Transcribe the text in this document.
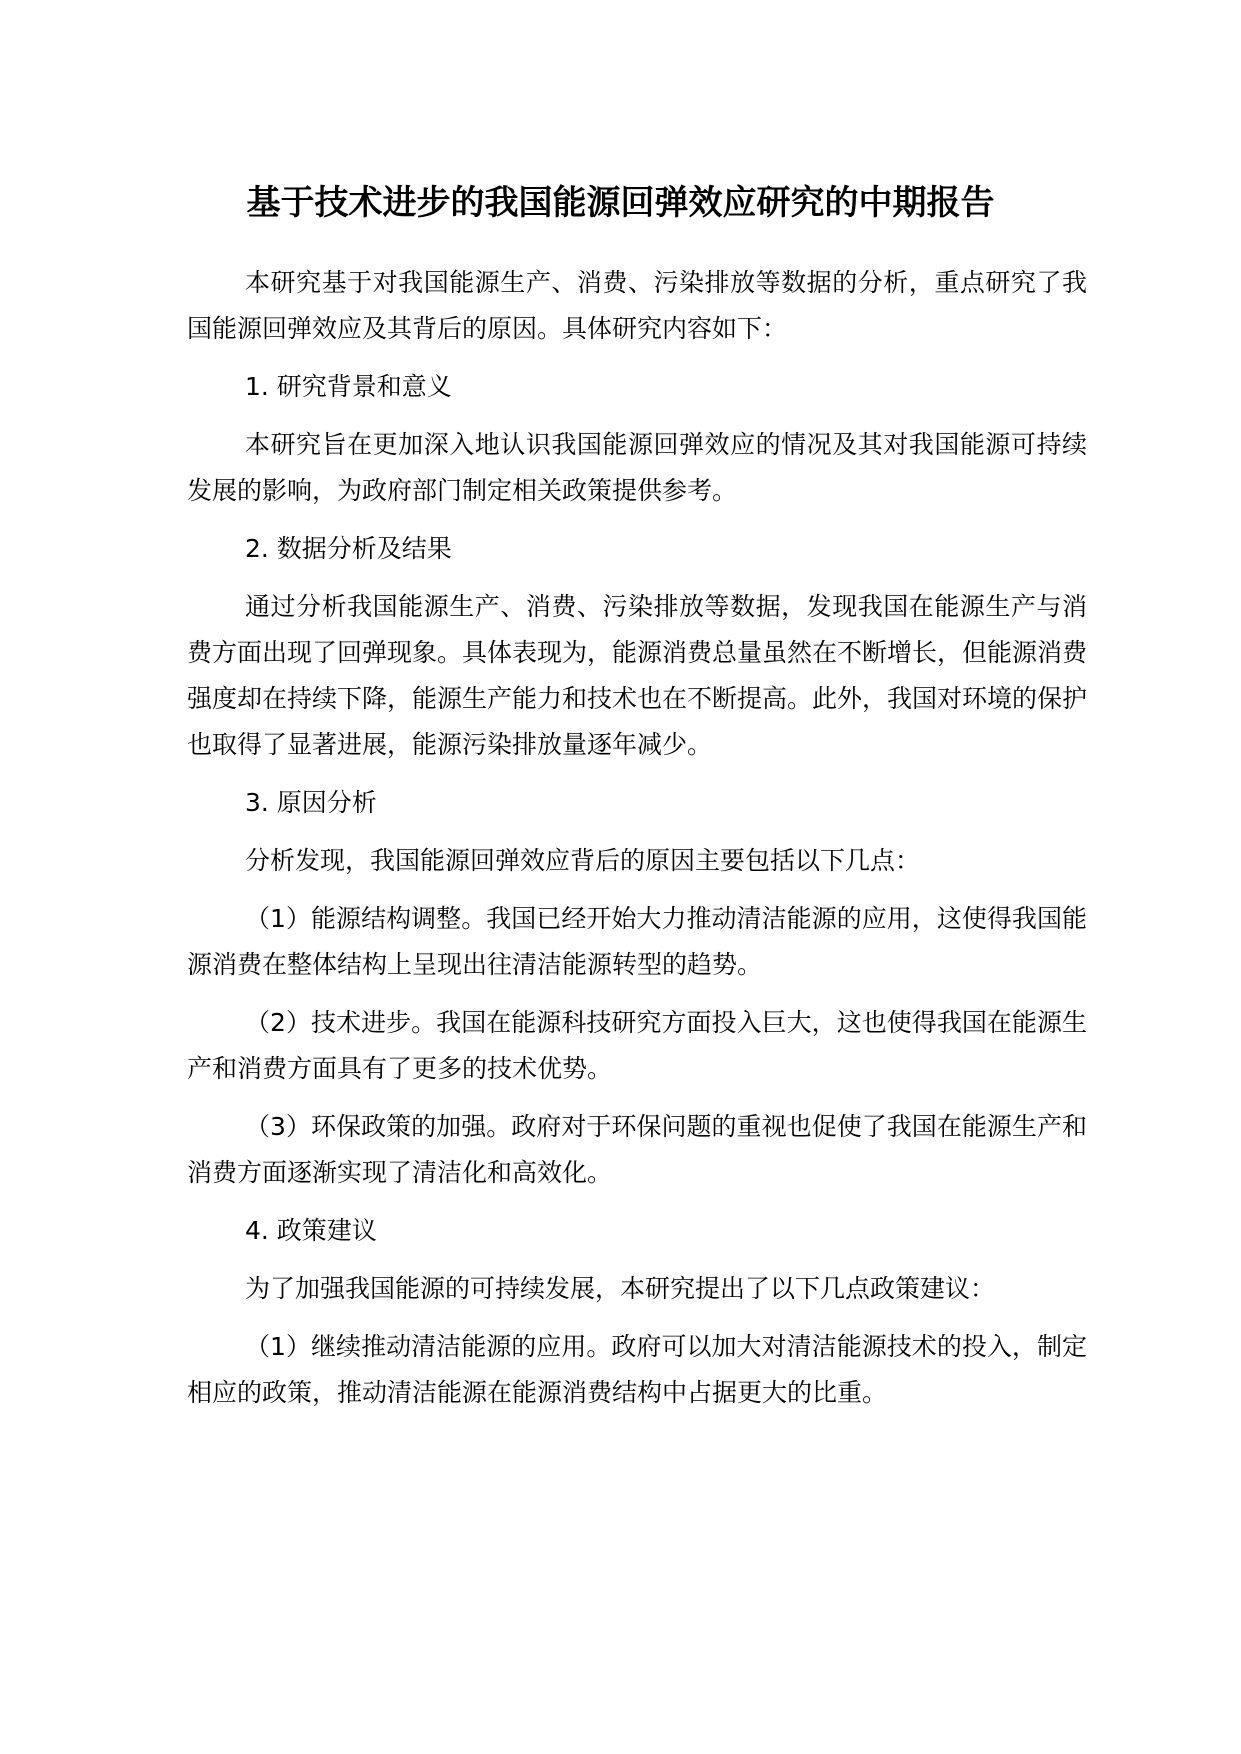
基于技术进步的我国能源回弹效应研究的中期报告

本研究基于对我国能源生产、消费、污染排放等数据的分析，重点研究了我国能源回弹效应及其背后的原因。具体研究内容如下：

1. 研究背景和意义

本研究旨在更加深入地认识我国能源回弹效应的情况及其对我国能源可持续发展的影响，为政府部门制定相关政策提供参考。

2. 数据分析及结果

通过分析我国能源生产、消费、污染排放等数据，发现我国在能源生产与消费方面出现了回弹现象。具体表现为，能源消费总量虽然在不断增长，但能源消费强度却在持续下降，能源生产能力和技术也在不断提高。此外，我国对环境的保护也取得了显著进展，能源污染排放量逐年减少。

3. 原因分析

分析发现，我国能源回弹效应背后的原因主要包括以下几点：

（1）能源结构调整。我国已经开始大力推动清洁能源的应用，这使得我国能源消费在整体结构上呈现出往清洁能源转型的趋势。

（2）技术进步。我国在能源科技研究方面投入巨大，这也使得我国在能源生产和消费方面具有了更多的技术优势。

（3）环保政策的加强。政府对于环保问题的重视也促使了我国在能源生产和消费方面逐渐实现了清洁化和高效化。

4. 政策建议

为了加强我国能源的可持续发展，本研究提出了以下几点政策建议：

（1）继续推动清洁能源的应用。政府可以加大对清洁能源技术的投入，制定相应的政策，推动清洁能源在能源消费结构中占据更大的比重。
